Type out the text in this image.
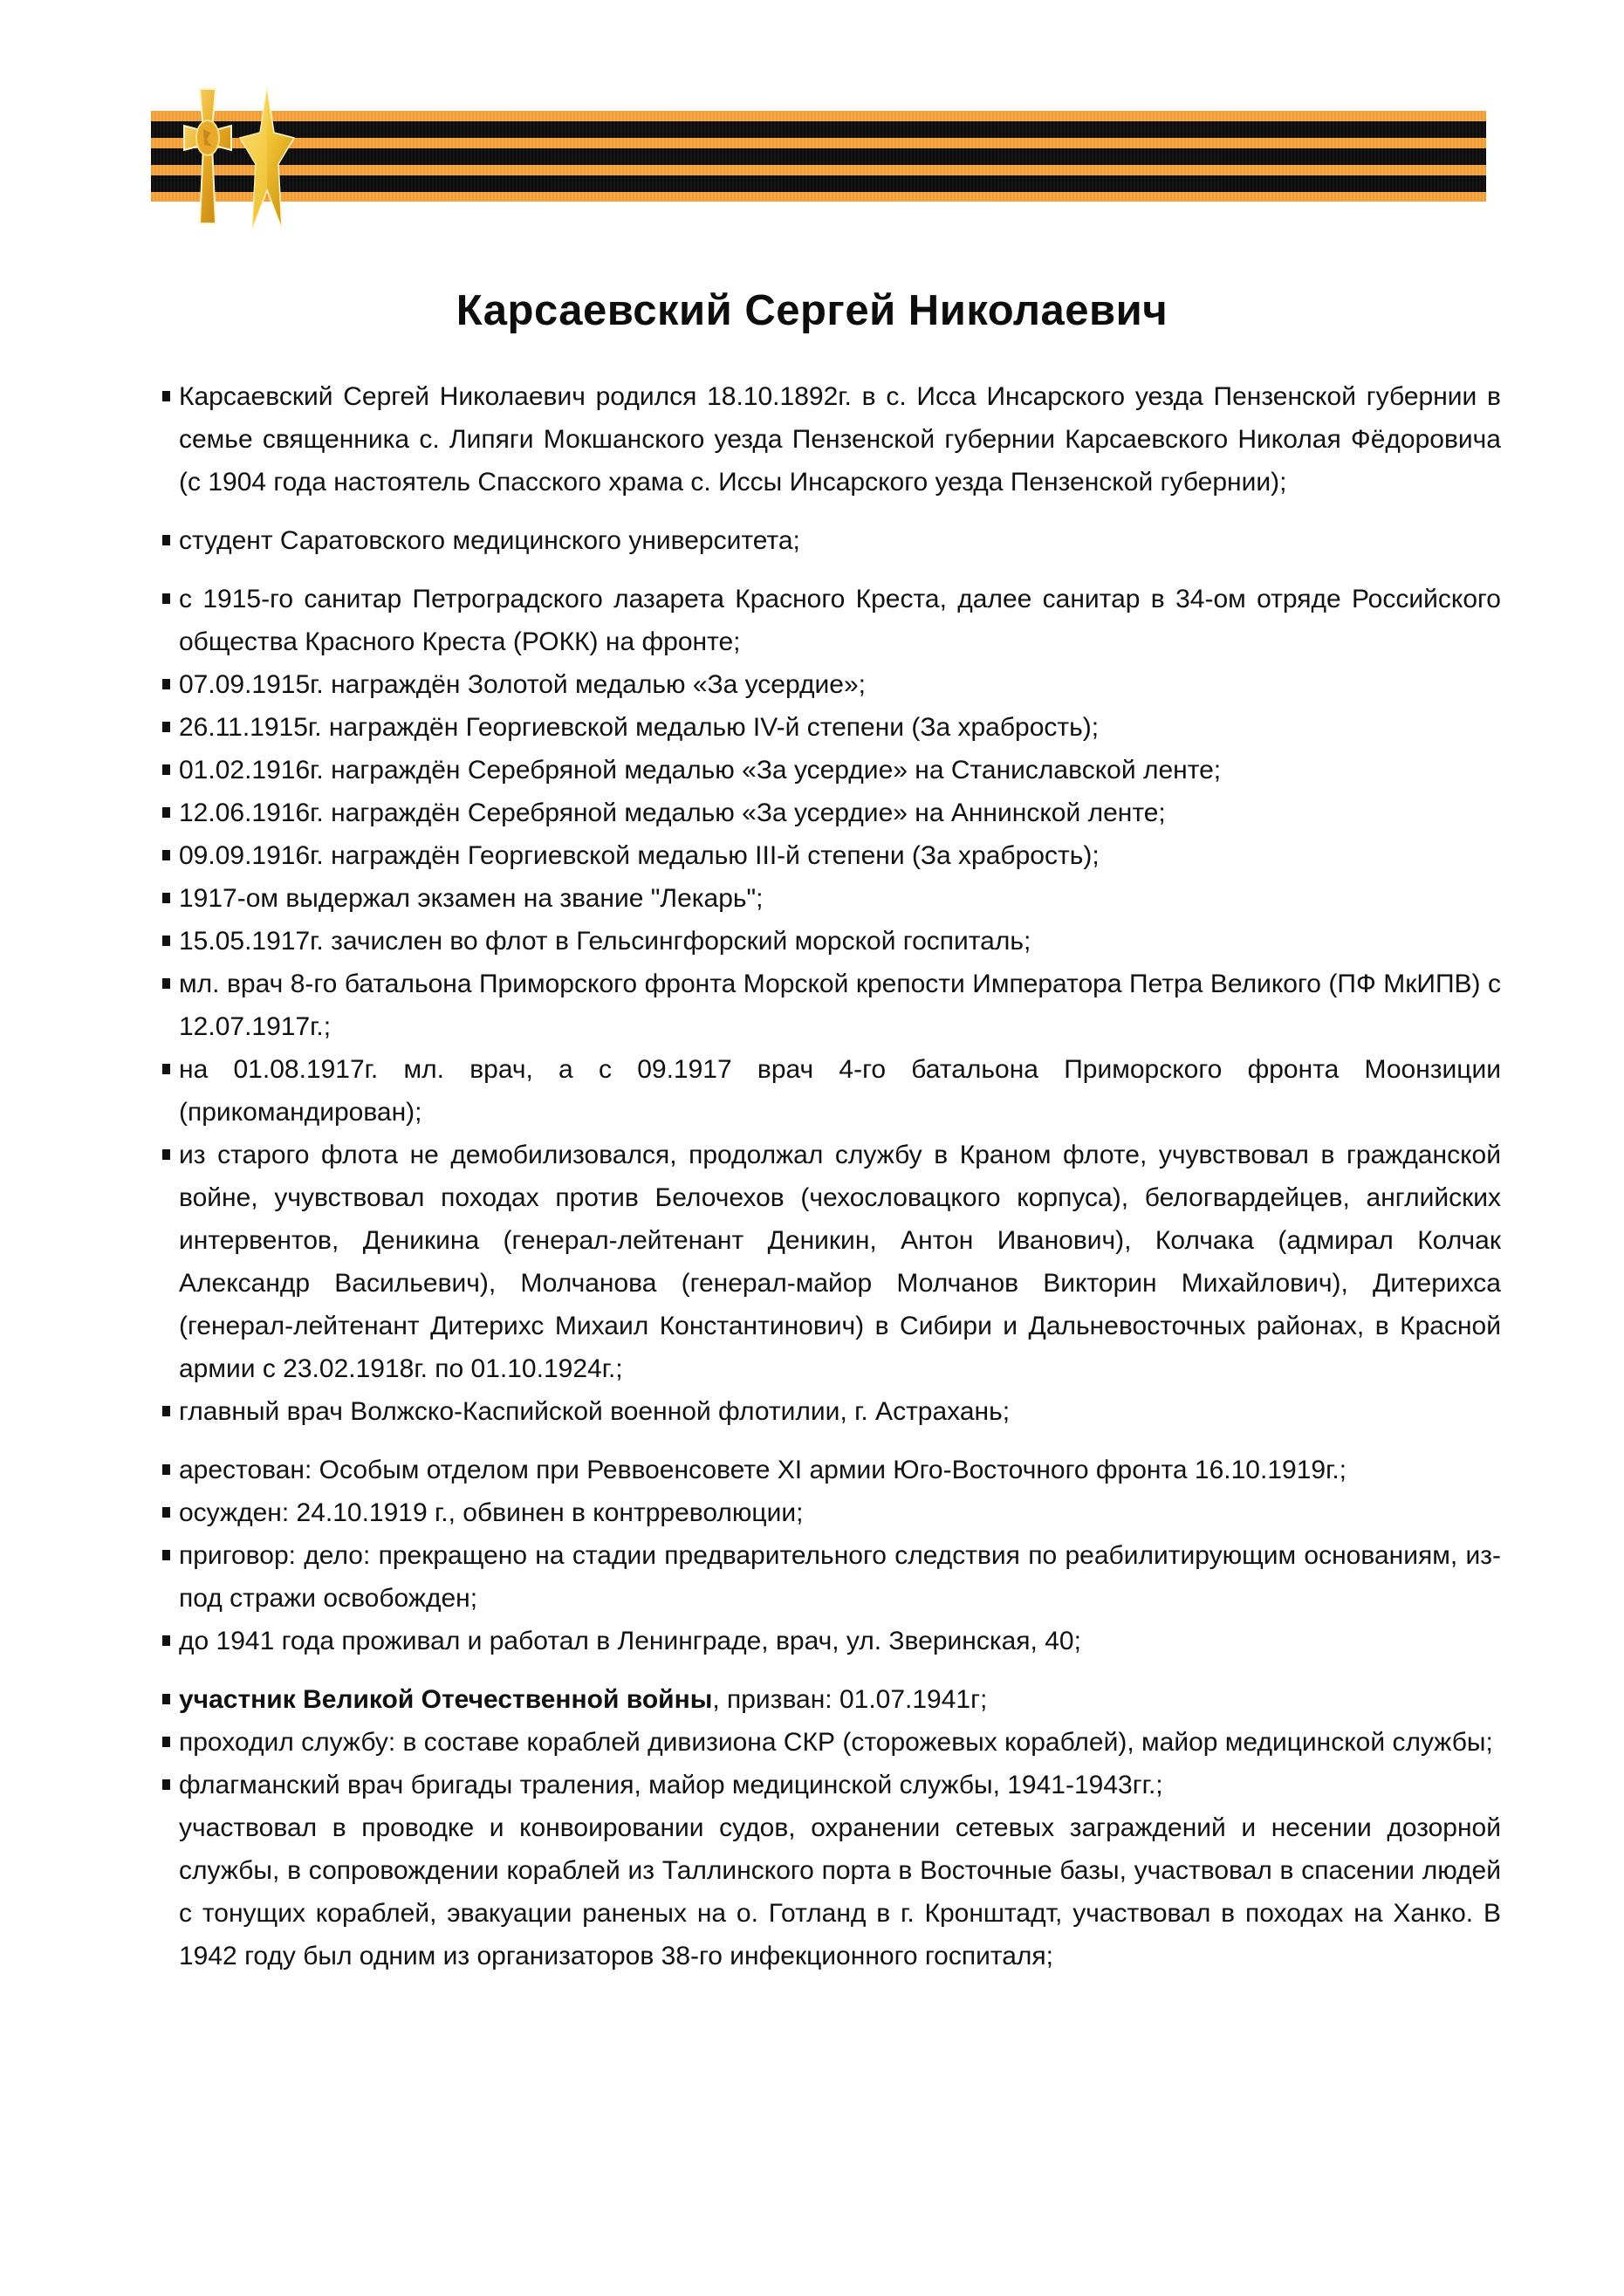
Карсаевский Сергей Николаевич

Карсаевский Сергей Николаевич родился 18.10.1892г. в с. Исса Инсарского уезда Пензенской губернии в семье священника с. Липяги Мокшанского уезда Пензенской губернии Карсаевского Николая Фёдоровича (с 1904 года настоятель Спасского храма с. Иссы Инсарского уезда Пензенской губернии);

студент Саратовского медицинского университета;

с 1915-го санитар Петроградского лазарета Красного Креста, далее санитар в 34-ом отряде Российского общества Красного Креста (РОКК) на фронте;

07.09.1915г. награждён Золотой медалью «За усердие»;

26.11.1915г. награждён Георгиевской медалью IV-й степени (За храбрость);

01.02.1916г. награждён Серебряной медалью «За усердие» на Станиславской ленте;

12.06.1916г. награждён Серебряной медалью «За усердие» на Аннинской ленте;

09.09.1916г. награждён Георгиевской медалью III-й степени (За храбрость);

1917-ом выдержал экзамен на звание "Лекарь";

15.05.1917г. зачислен во флот в Гельсингфорский морской госпиталь;

мл. врач 8-го батальона Приморского фронта Морской крепости Императора Петра Великого (ПФ МкИПВ) с 12.07.1917г.;

на 01.08.1917г. мл. врач, а с 09.1917 врач 4-го батальона Приморского фронта Моонзиции (прикомандирован);

из старого флота не демобилизовался, продолжал службу в Краном флоте, учувствовал в гражданской войне, учувствовал походах против Белочехов (чехословацкого корпуса), белогвардейцев, английских интервентов, Деникина (генерал-лейтенант Деникин, Антон Иванович), Колчака (адмирал Колчак Александр Васильевич), Молчанова (генерал-майор Молчанов Викторин Михайлович), Дитерихса (генерал-лейтенант Дитерихс Михаил Константинович) в Сибири и Дальневосточных районах, в Красной армии с 23.02.1918г. по 01.10.1924г.;

главный врач Волжско-Каспийской военной флотилии, г. Астрахань;

арестован: Особым отделом при Реввоенсовете XI армии Юго-Восточного фронта 16.10.1919г.;

осужден: 24.10.1919 г., обвинен в контрреволюции;

приговор: дело: прекращено на стадии предварительного следствия по реабилитирующим основаниям, из-под стражи освобожден;

до 1941 года проживал и работал в Ленинграде, врач, ул. Зверинская, 40;

участник Великой Отечественной войны, призван: 01.07.1941г;

проходил службу: в составе кораблей дивизиона СКР (сторожевых кораблей), майор медицинской службы;

флагманский врач бригады траления, майор медицинской службы, 1941-1943гг.;

участвовал в проводке и конвоировании судов, охранении сетевых заграждений и несении дозорной службы, в сопровождении кораблей из Таллинского порта в Восточные базы, участвовал в спасении людей с тонущих кораблей, эвакуации раненых на о. Готланд в г. Кронштадт, участвовал в походах на Ханко. В 1942 году был одним из организаторов 38-го инфекционного госпиталя;
